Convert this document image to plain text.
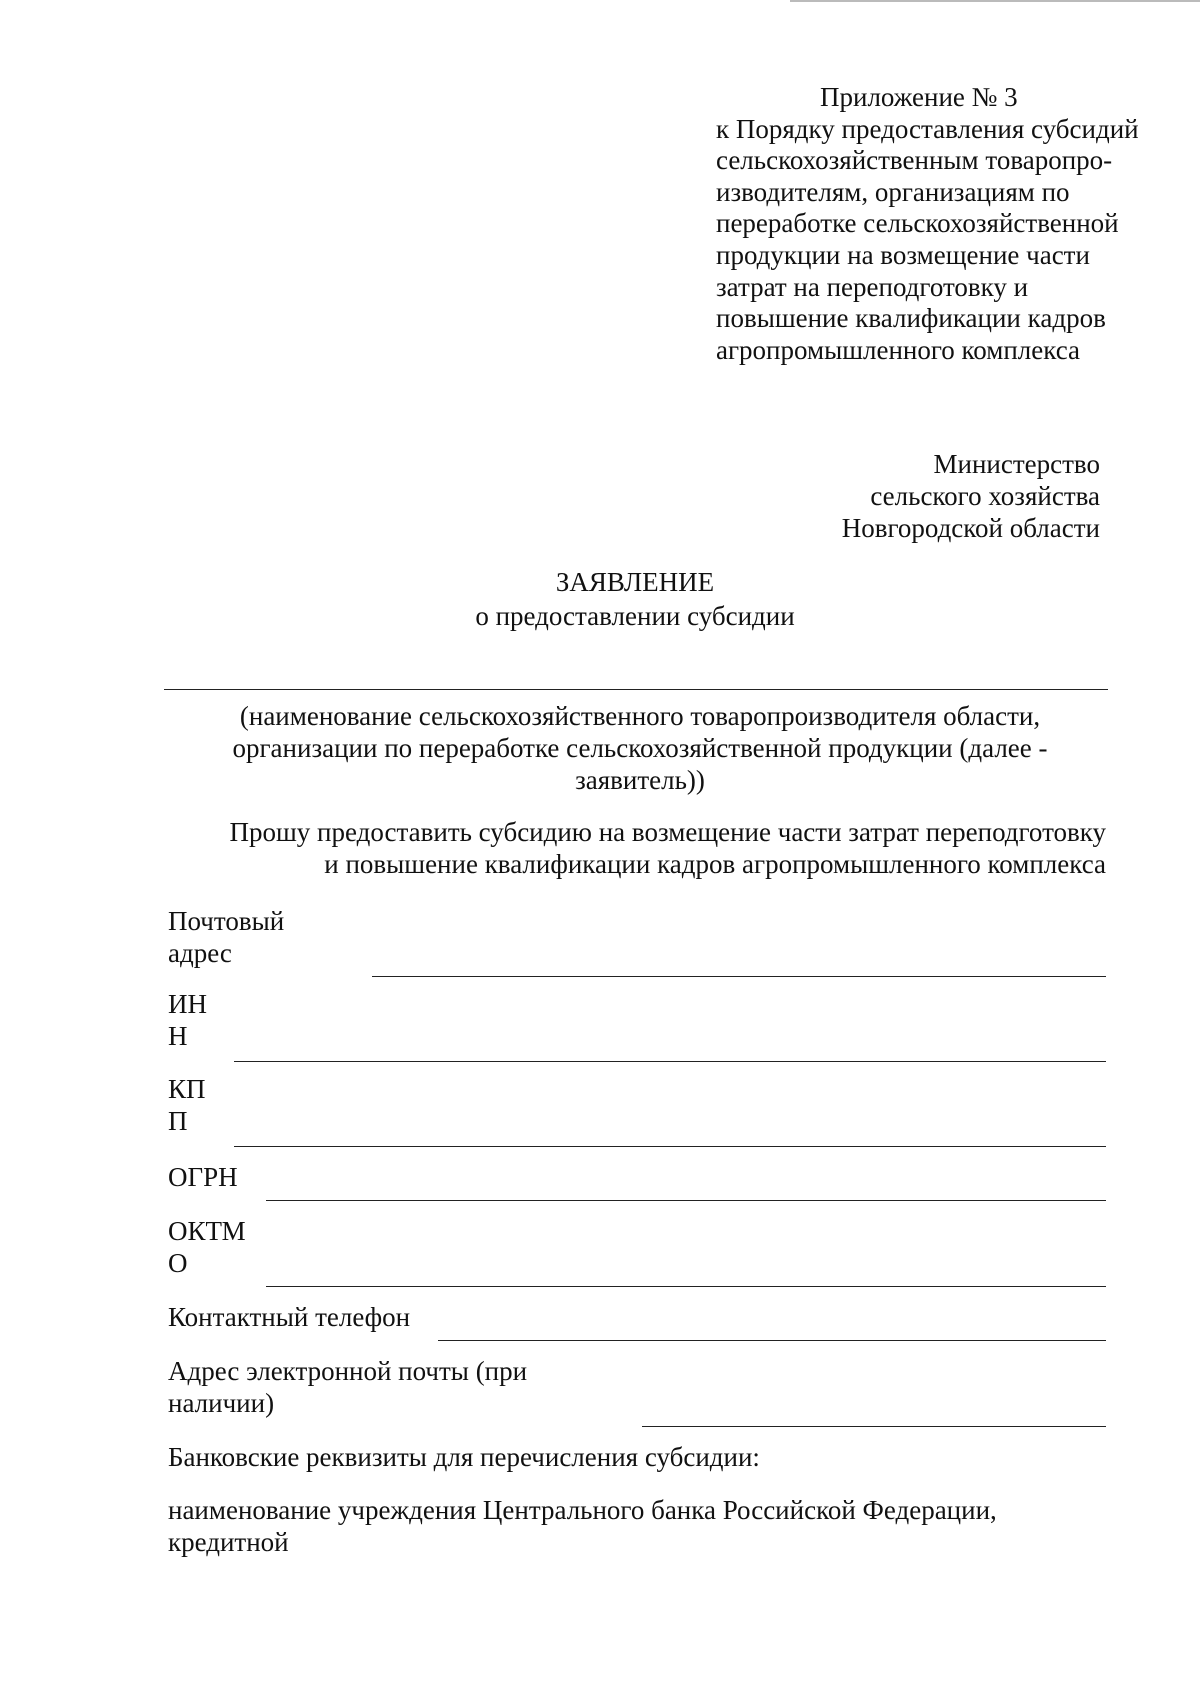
Приложение № 3
к Порядку предоставления субсидий
сельскохозяйственным товаропро-
изводителям, организациям по
переработке сельскохозяйственной
продукции на возмещение части
затрат на переподготовку и
повышение квалификации кадров
агропромышленного комплекса
Министерство
сельского хозяйства
Новгородской области
ЗАЯВЛЕНИЕ
о предоставлении субсидии
(наименование сельскохозяйственного товаропроизводителя области,
организации по переработке сельскохозяйственной продукции (далее -
заявитель))
Прошу предоставить субсидию на возмещение части затрат переподготовку
и повышение квалификации кадров агропромышленного комплекса
Почтовый
адрес
ИН
Н
КП
П
ОГРН
ОКТМ
О
Контактный телефон
Адрес электронной почты (при
наличии)
Банковские реквизиты для перечисления субсидии:
наименование учреждения Центрального банка Российской Федерации,
кредитной
